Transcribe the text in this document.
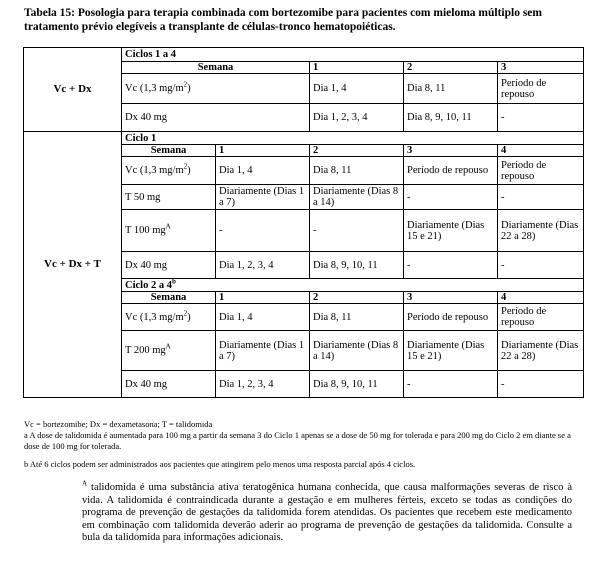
Tabela 15: Posologia para terapia combinada com bortezomibe para pacientes com mieloma múltiplo sem tratamento prévio elegíveis a transplante de células-tronco hematopoiéticas.
Vc + Dx	Ciclos 1 a 4				
	Semana		1	2	3
	Vc (1,3 $mg/m^2$)		Dia 1, 4	Dia 8, 11	Período de repouso
	Dx 40 mg		Dia 1, 2, 3, 4	Dia 8, 9, 10, 11	-
Vc + Dx + T	Ciclo 1				
	Semana	1	2	3	4
	Vc (1,3 $mg/m^2$)	Dia 1, 4	Dia 8, 11	Período de repouso	Período de repouso
	T 50 mg	Diariamente (Dias 1 a 7)	Diariamente (Dias 8 a 14)	-	-
	T 100 $mg^A$	-	-	Diariamente (Dias 15 e 21)	Diariamente (Dias 22 a 28)
	Dx 40 mg	Dia 1, 2, 3, 4	Dia 8, 9, 10, 11	-	-
	Ciclo 2 a 4$^b$
	Semana	1	2	3	4
	Vc (1,3 $mg/m^2$)	Dia 1, 4	Dia 8, 11	Período de repouso	Período de repouso
	T 200 $mg^A$	Diariamente (Dias 1 a 7)	Diariamente (Dias 8 a 14)	Diariamente (Dias 15 e 21)	Diariamente (Dias 22 a 28)
	Dx 40 mg	Dia 1, 2, 3, 4	Dia 8, 9, 10, 11	-	-
Vc = bortezomibe; Dx = dexametasona; T = talidomida
a A dose de talidomida é aumentada para 100 mg a partir da semana 3 do Ciclo 1 apenas se a dose de 50 mg for tolerada e para 200 mg do Ciclo 2 em diante se a dose de 100 mg for tolerada.
b Até 6 ciclos podem ser administrados aos pacientes que atingirem pelo menos uma resposta parcial após 4 ciclos.
$^A$ talidomida é uma substância ativa teratogênica humana conhecida, que causa malformações severas de risco à vida. A talidomida é contraindicada durante a gestação e em mulheres férteis, exceto se todas as condições do programa de prevenção de gestações da talidomida forem atendidas. Os pacientes que recebem este medicamento em combinação com talidomida deverão aderir ao programa de prevenção de gestações da talidomida. Consulte a bula da talidomida para informações adicionais.
